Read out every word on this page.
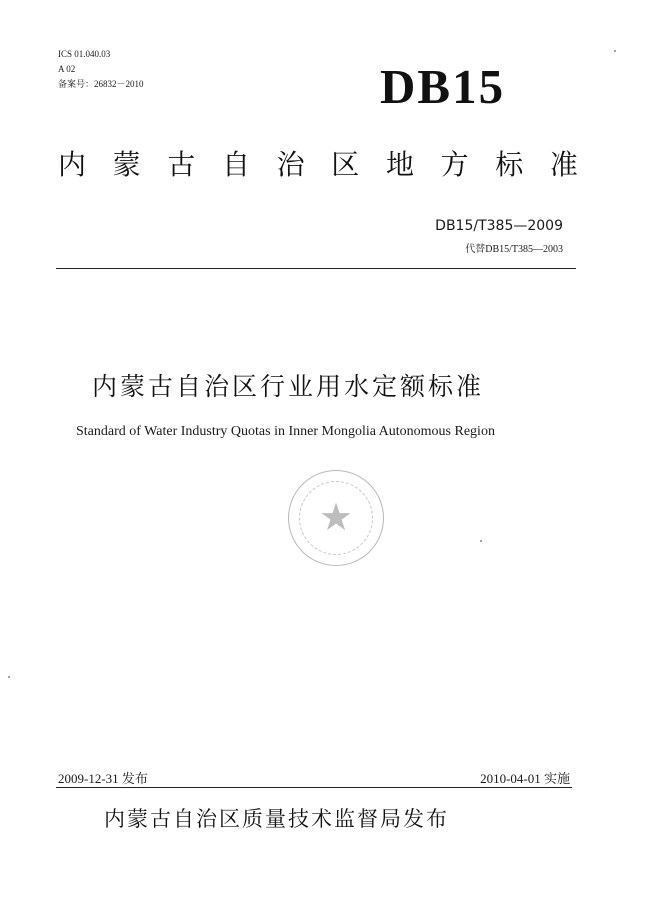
ICS 01.040.03
A 02
备案号：26832－2010	DB15
内 蒙 古 自 治 区 地 方 标 准
DB15/T385—2009
代替DB15/T385—2003
内蒙古自治区行业用水定额标准
Standard of Water Industry Quotas in Inner Mongolia Autonomous Region
★
2009-12-31 发布	2010-04-01 实施
内蒙古自治区质量技术监督局发布
